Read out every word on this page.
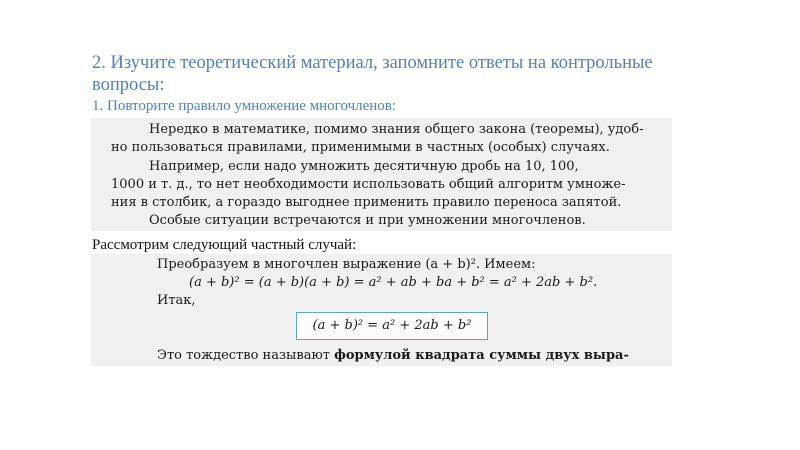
2. Изучите теоретический материал, запомните ответы на контрольные вопросы:
1. Повторите правило умножение многочленов:
Нередко в математике, помимо знания общего закона (теоремы), удоб-
но пользоваться правилами, применимыми в частных (особых) случаях.
Например, если надо умножить десятичную дробь на 10, 100,
1000 и т. д., то нет необходимости использовать общий алгоритм умноже-
ния в столбик, а гораздо выгоднее применить правило переноса запятой.
Особые ситуации встречаются и при умножении многочленов.
Рассмотрим следующий частный случай:
Преобразуем в многочлен выражение (a + b)². Имеем:
(a + b)² = (a + b)(a + b) = a² + ab + ba + b² = a² + 2ab + b².
Итак,
(a + b)² = a² + 2ab + b²
Это тождество называют формулой квадрата суммы двух выра-
